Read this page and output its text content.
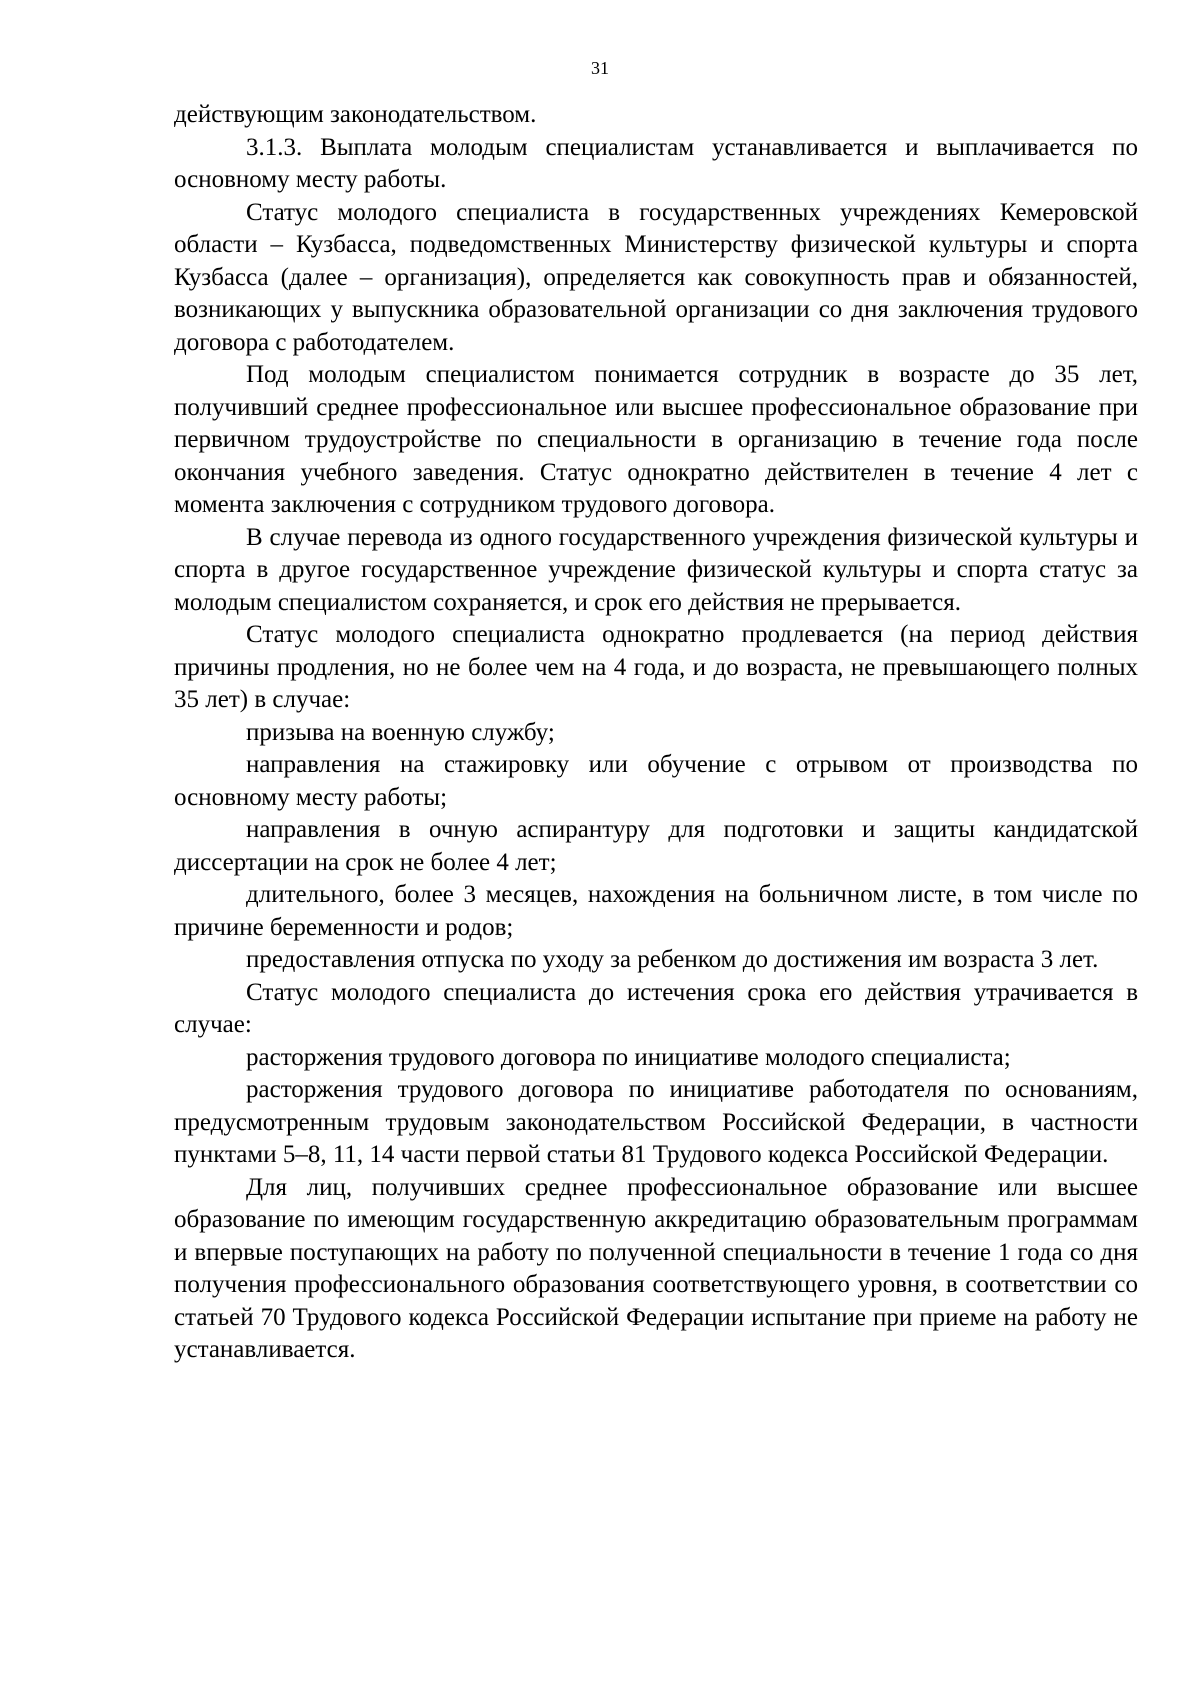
31

действующим законодательством.

3.1.3. Выплата молодым специалистам устанавливается и выплачивается по основному месту работы.

Статус молодого специалиста в государственных учреждениях Кемеровской области – Кузбасса, подведомственных Министерству физической культуры и спорта Кузбасса (далее – организация), определяется как совокупность прав и обязанностей, возникающих у выпускника образовательной организации со дня заключения трудового договора с работодателем.

Под молодым специалистом понимается сотрудник в возрасте до 35 лет, получивший среднее профессиональное или высшее профессиональное образование при первичном трудоустройстве по специальности в организацию в течение года после окончания учебного заведения. Статус однократно действителен в течение 4 лет с момента заключения с сотрудником трудового договора.

В случае перевода из одного государственного учреждения физической культуры и спорта в другое государственное учреждение физической культуры и спорта статус за молодым специалистом сохраняется, и срок его действия не прерывается.

Статус молодого специалиста однократно продлевается (на период действия причины продления, но не более чем на 4 года, и до возраста, не превышающего полных 35 лет) в случае:

призыва на военную службу;

направления на стажировку или обучение с отрывом от производства по основному месту работы;

направления в очную аспирантуру для подготовки и защиты кандидатской диссертации на срок не более 4 лет;

длительного, более 3 месяцев, нахождения на больничном листе, в том числе по причине беременности и родов;

предоставления отпуска по уходу за ребенком до достижения им возраста 3 лет.

Статус молодого специалиста до истечения срока его действия утрачивается в случае:

расторжения трудового договора по инициативе молодого специалиста;

расторжения трудового договора по инициативе работодателя по основаниям, предусмотренным трудовым законодательством Российской Федерации, в частности пунктами 5–8, 11, 14 части первой статьи 81 Трудового кодекса Российской Федерации.

Для лиц, получивших среднее профессиональное образование или высшее образование по имеющим государственную аккредитацию образовательным программам и впервые поступающих на работу по полученной специальности в течение 1 года со дня получения профессионального образования соответствующего уровня, в соответствии со статьей 70 Трудового кодекса Российской Федерации испытание при приеме на работу не устанавливается.
